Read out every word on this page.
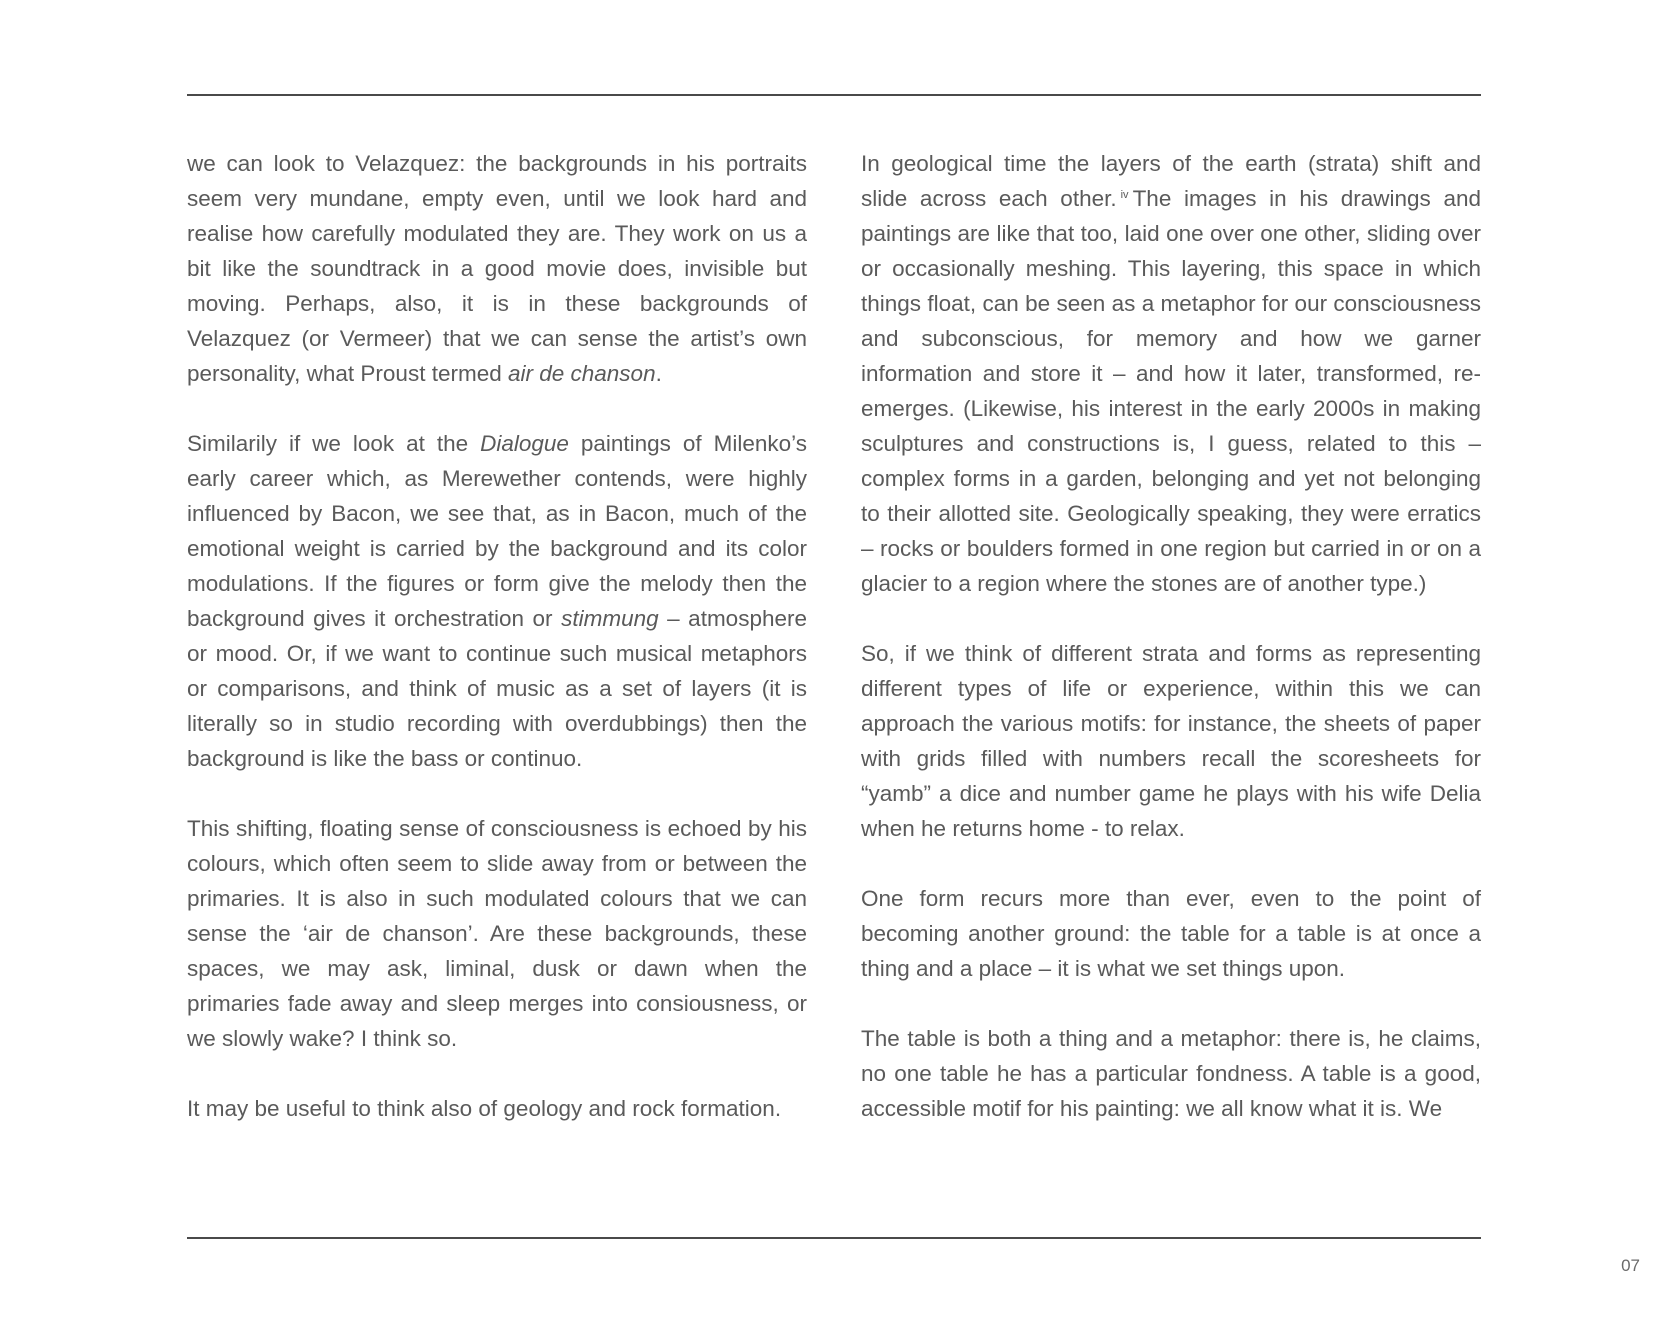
we can look to Velazquez: the backgrounds in his portraits seem very mundane, empty even, until we look hard and realise how carefully modulated they are. They work on us a bit like the soundtrack in a good movie does, invisible but moving. Perhaps, also, it is in these backgrounds of Velazquez (or Vermeer) that we can sense the artist’s own personality, what Proust termed air de chanson.

Similarily if we look at the Dialogue paintings of Milenko’s early career which, as Merewether contends, were highly influenced by Bacon, we see that, as in Bacon, much of the emotional weight is carried by the background and its color modulations. If the figures or form give the melody then the background gives it orchestration or stimmung – atmosphere or mood. Or, if we want to continue such musical metaphors or comparisons, and think of music as a set of layers (it is literally so in studio recording with overdubbings) then the background is like the bass or continuo.

This shifting, floating sense of consciousness is echoed by his colours, which often seem to slide away from or between the primaries. It is also in such modulated colours that we can sense the ‘air de chanson’. Are these backgrounds, these spaces, we may ask, liminal, dusk or dawn when the primaries fade away and sleep merges into consiousness, or we slowly wake? I think so.

It may be useful to think also of geology and rock formation.

In geological time the layers of the earth (strata) shift and slide across each other. $^{iv}$ The images in his drawings and paintings are like that too, laid one over one other, sliding over or occasionally meshing. This layering, this space in which things float, can be seen as a metaphor for our consciousness and subconscious, for memory and how we garner information and store it – and how it later, transformed, re-emerges. (Likewise, his interest in the early 2000s in making sculptures and constructions is, I guess, related to this – complex forms in a garden, belonging and yet not belonging to their allotted site. Geologically speaking, they were erratics – rocks or boulders formed in one region but carried in or on a glacier to a region where the stones are of another type.)

So, if we think of different strata and forms as representing different types of life or experience, within this we can approach the various motifs: for instance, the sheets of paper with grids filled with numbers recall the scoresheets for “yamb” a dice and number game he plays with his wife Delia when he returns home - to relax.

One form recurs more than ever, even to the point of becoming another ground: the table for a table is at once a thing and a place – it is what we set things upon.

The table is both a thing and a metaphor: there is, he claims, no one table he has a particular fondness. A table is a good, accessible motif for his painting: we all know what it is. We

07
